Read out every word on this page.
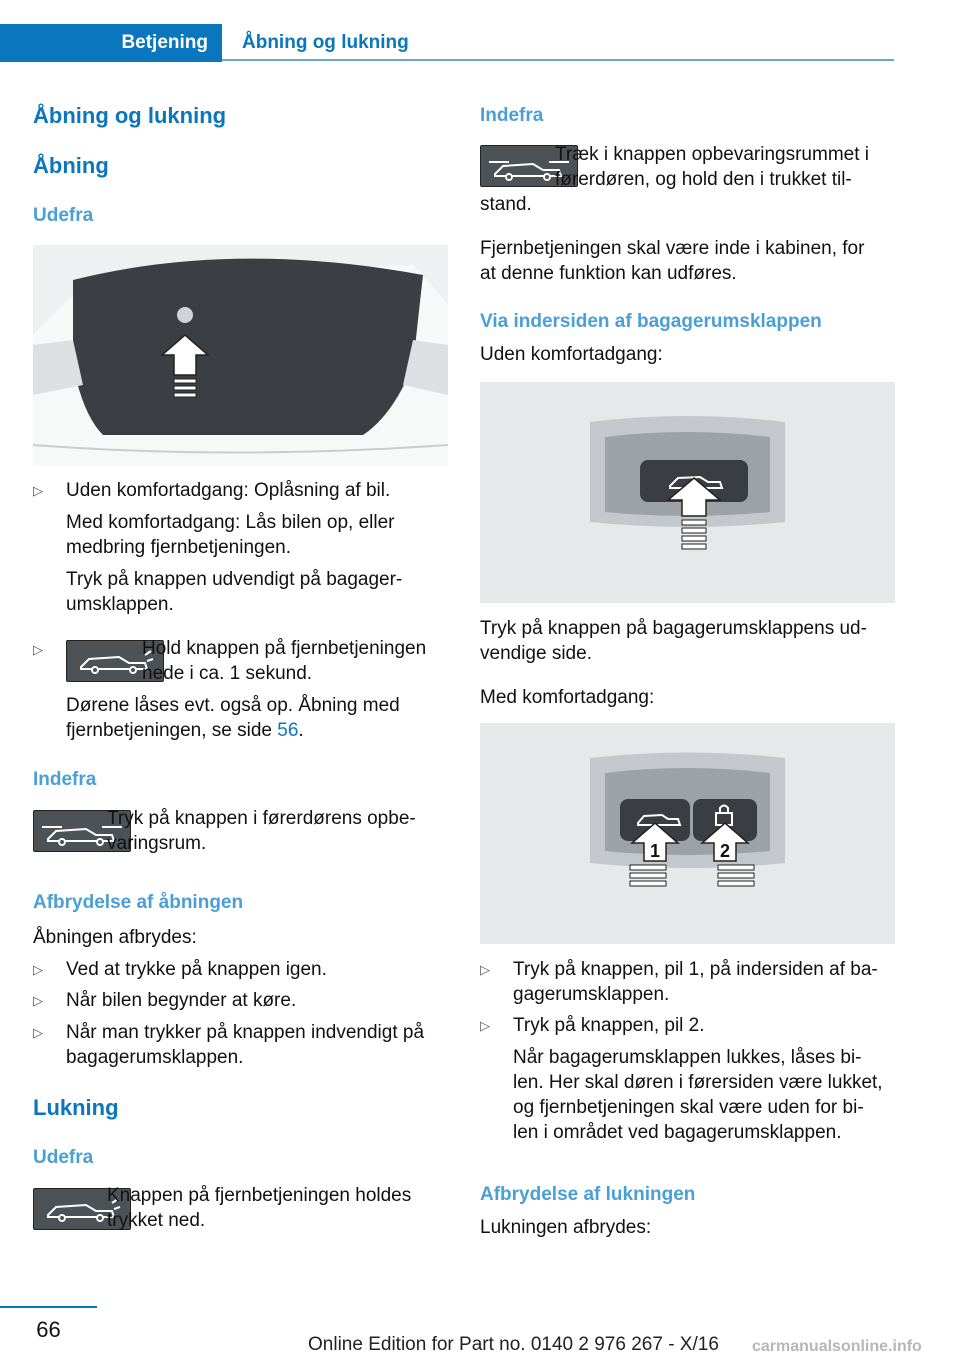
Betjening	Åbning og lukning
Åbning og lukning
Åbning
Udefra
▷ Uden komfortadgang: Oplåsning af bil.
Med komfortadgang: Lås bilen op, eller
medbring fjernbetjeningen.
Tryk på knappen udvendigt på bagager-
umsklappen.
▷	Hold knappen på fjernbetjeningen
nede i ca. 1 sekund.
Dørene låses evt. også op. Åbning med
fjernbetjeningen, se side 56.
Indefra
Tryk på knappen i førerdørens opbe-
varingsrum.
Afbrydelse af åbningen
Åbningen afbrydes:
▷ Ved at trykke på knappen igen.
▷ Når bilen begynder at køre.
▷ Når man trykker på knappen indvendigt på
bagagerumsklappen.
Lukning
Udefra
Knappen på fjernbetjeningen holdes
trykket ned.
Indefra
Træk i knappen opbevaringsrummet i
førerdøren, og hold den i trukket til-
stand.
Fjernbetjeningen skal være inde i kabinen, for
at denne funktion kan udføres.
Via indersiden af bagagerumsklappen
Uden komfortadgang:
Tryk på knappen på bagagerumsklappens ud-
vendige side.
Med komfortadgang:
1	2
▷ Tryk på knappen, pil 1, på indersiden af ba-
gagerumsklappen.
▷ Tryk på knappen, pil 2.
Når bagagerumsklappen lukkes, låses bi-
len. Her skal døren i førersiden være lukket,
og fjernbetjeningen skal være uden for bi-
len i området ved bagagerumsklappen.
Afbrydelse af lukningen
Lukningen afbrydes:
66
Online Edition for Part no. 0140 2 976 267 - X/16 carmanualsonline.info
